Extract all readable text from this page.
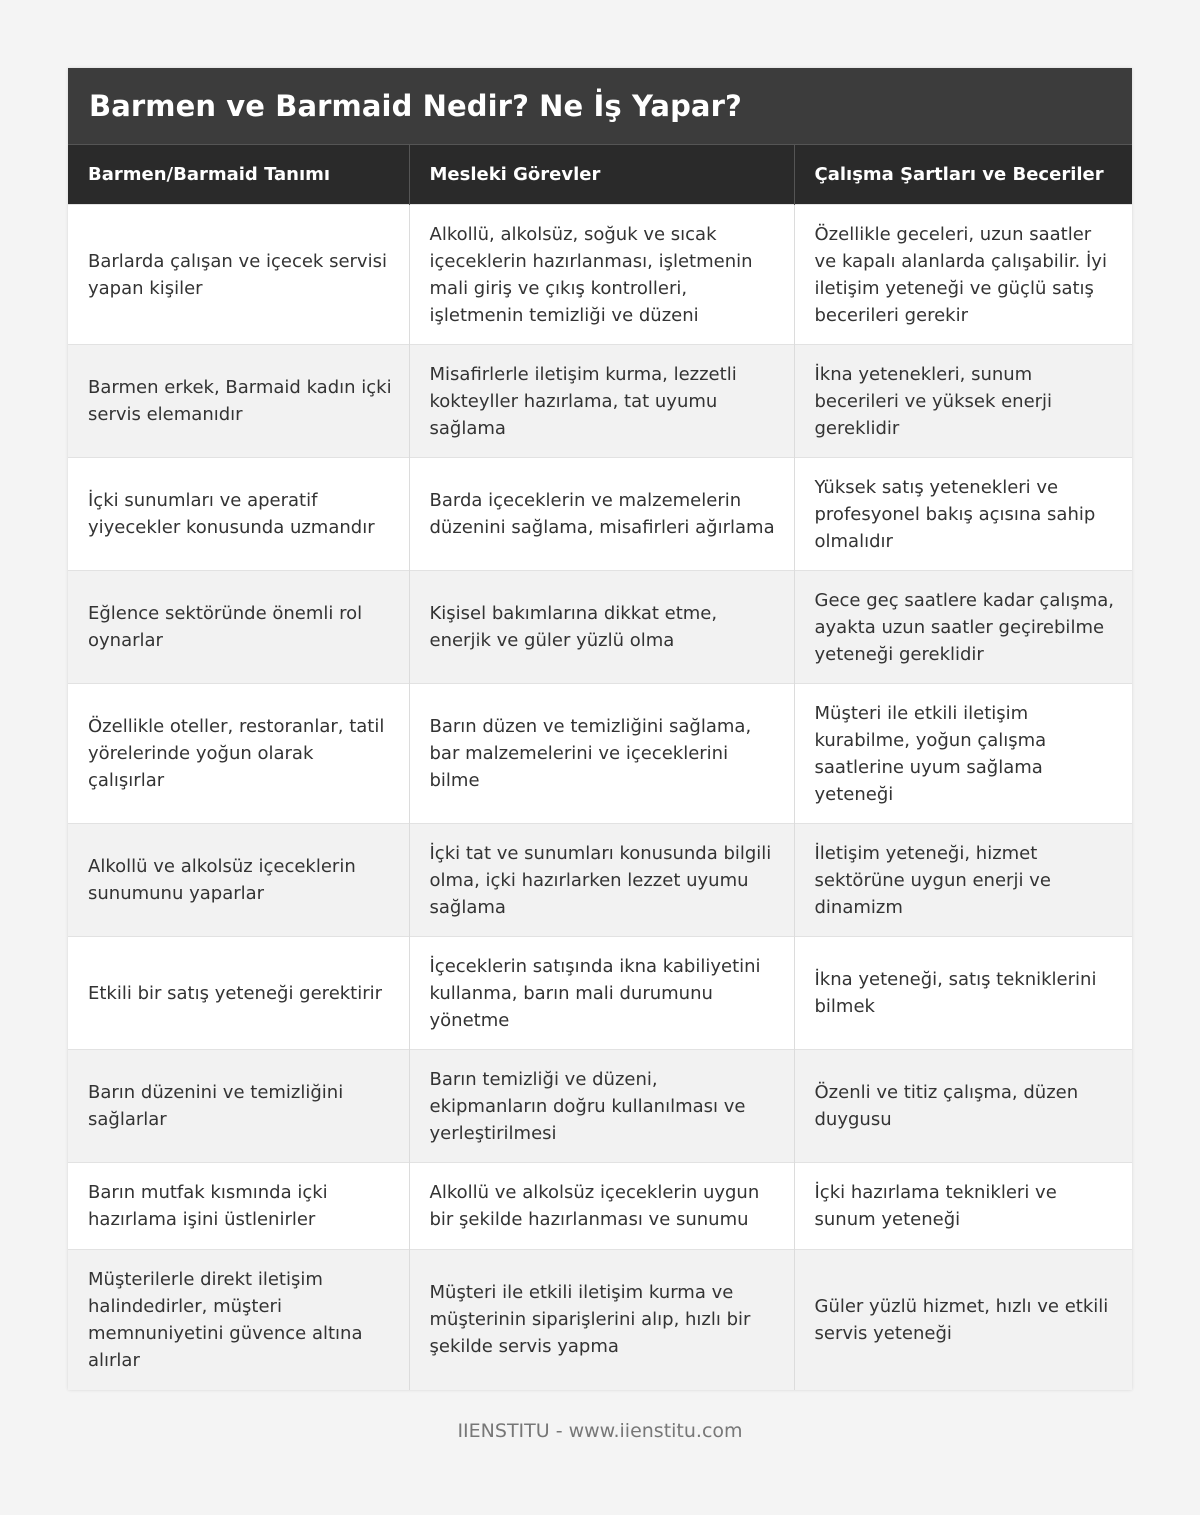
Barmen ve Barmaid Nedir? Ne İş Yapar?
Barmen/Barmaid Tanımı	Mesleki Görevler	Çalışma Şartları ve Beceriler
Barlarda çalışan ve içecek servisi yapan kişiler	Alkollü, alkolsüz, soğuk ve sıcak içeceklerin hazırlanması, işletmenin mali giriş ve çıkış kontrolleri, işletmenin temizliği ve düzeni	Özellikle geceleri, uzun saatler ve kapalı alanlarda çalışabilir. İyi iletişim yeteneği ve güçlü satış becerileri gerekir
Barmen erkek, Barmaid kadın içki servis elemanıdır	Misafirlerle iletişim kurma, lezzetli kokteyller hazırlama, tat uyumu sağlama	İkna yetenekleri, sunum becerileri ve yüksek enerji gereklidir
İçki sunumları ve aperatif yiyecekler konusunda uzmandır	Barda içeceklerin ve malzemelerin düzenini sağlama, misafirleri ağırlama	Yüksek satış yetenekleri ve profesyonel bakış açısına sahip olmalıdır
Eğlence sektöründe önemli rol oynarlar	Kişisel bakımlarına dikkat etme, enerjik ve güler yüzlü olma	Gece geç saatlere kadar çalışma, ayakta uzun saatler geçirebilme yeteneği gereklidir
Özellikle oteller, restoranlar, tatil yörelerinde yoğun olarak çalışırlar	Barın düzen ve temizliğini sağlama, bar malzemelerini ve içeceklerini bilme	Müşteri ile etkili iletişim kurabilme, yoğun çalışma saatlerine uyum sağlama yeteneği
Alkollü ve alkolsüz içeceklerin sunumunu yaparlar	İçki tat ve sunumları konusunda bilgili olma, içki hazırlarken lezzet uyumu sağlama	İletişim yeteneği, hizmet sektörüne uygun enerji ve dinamizm
Etkili bir satış yeteneği gerektirir	İçeceklerin satışında ikna kabiliyetini kullanma, barın mali durumunu yönetme	İkna yeteneği, satış tekniklerini bilmek
Barın düzenini ve temizliğini sağlarlar	Barın temizliği ve düzeni, ekipmanların doğru kullanılması ve yerleştirilmesi	Özenli ve titiz çalışma, düzen duygusu
Barın mutfak kısmında içki hazırlama işini üstlenirler	Alkollü ve alkolsüz içeceklerin uygun bir şekilde hazırlanması ve sunumu	İçki hazırlama teknikleri ve sunum yeteneği
Müşterilerle direkt iletişim halindedirler, müşteri memnuniyetini güvence altına alırlar	Müşteri ile etkili iletişim kurma ve müşterinin siparişlerini alıp, hızlı bir şekilde servis yapma	Güler yüzlü hizmet, hızlı ve etkili servis yeteneği
IIENSTITU - www.iienstitu.com
